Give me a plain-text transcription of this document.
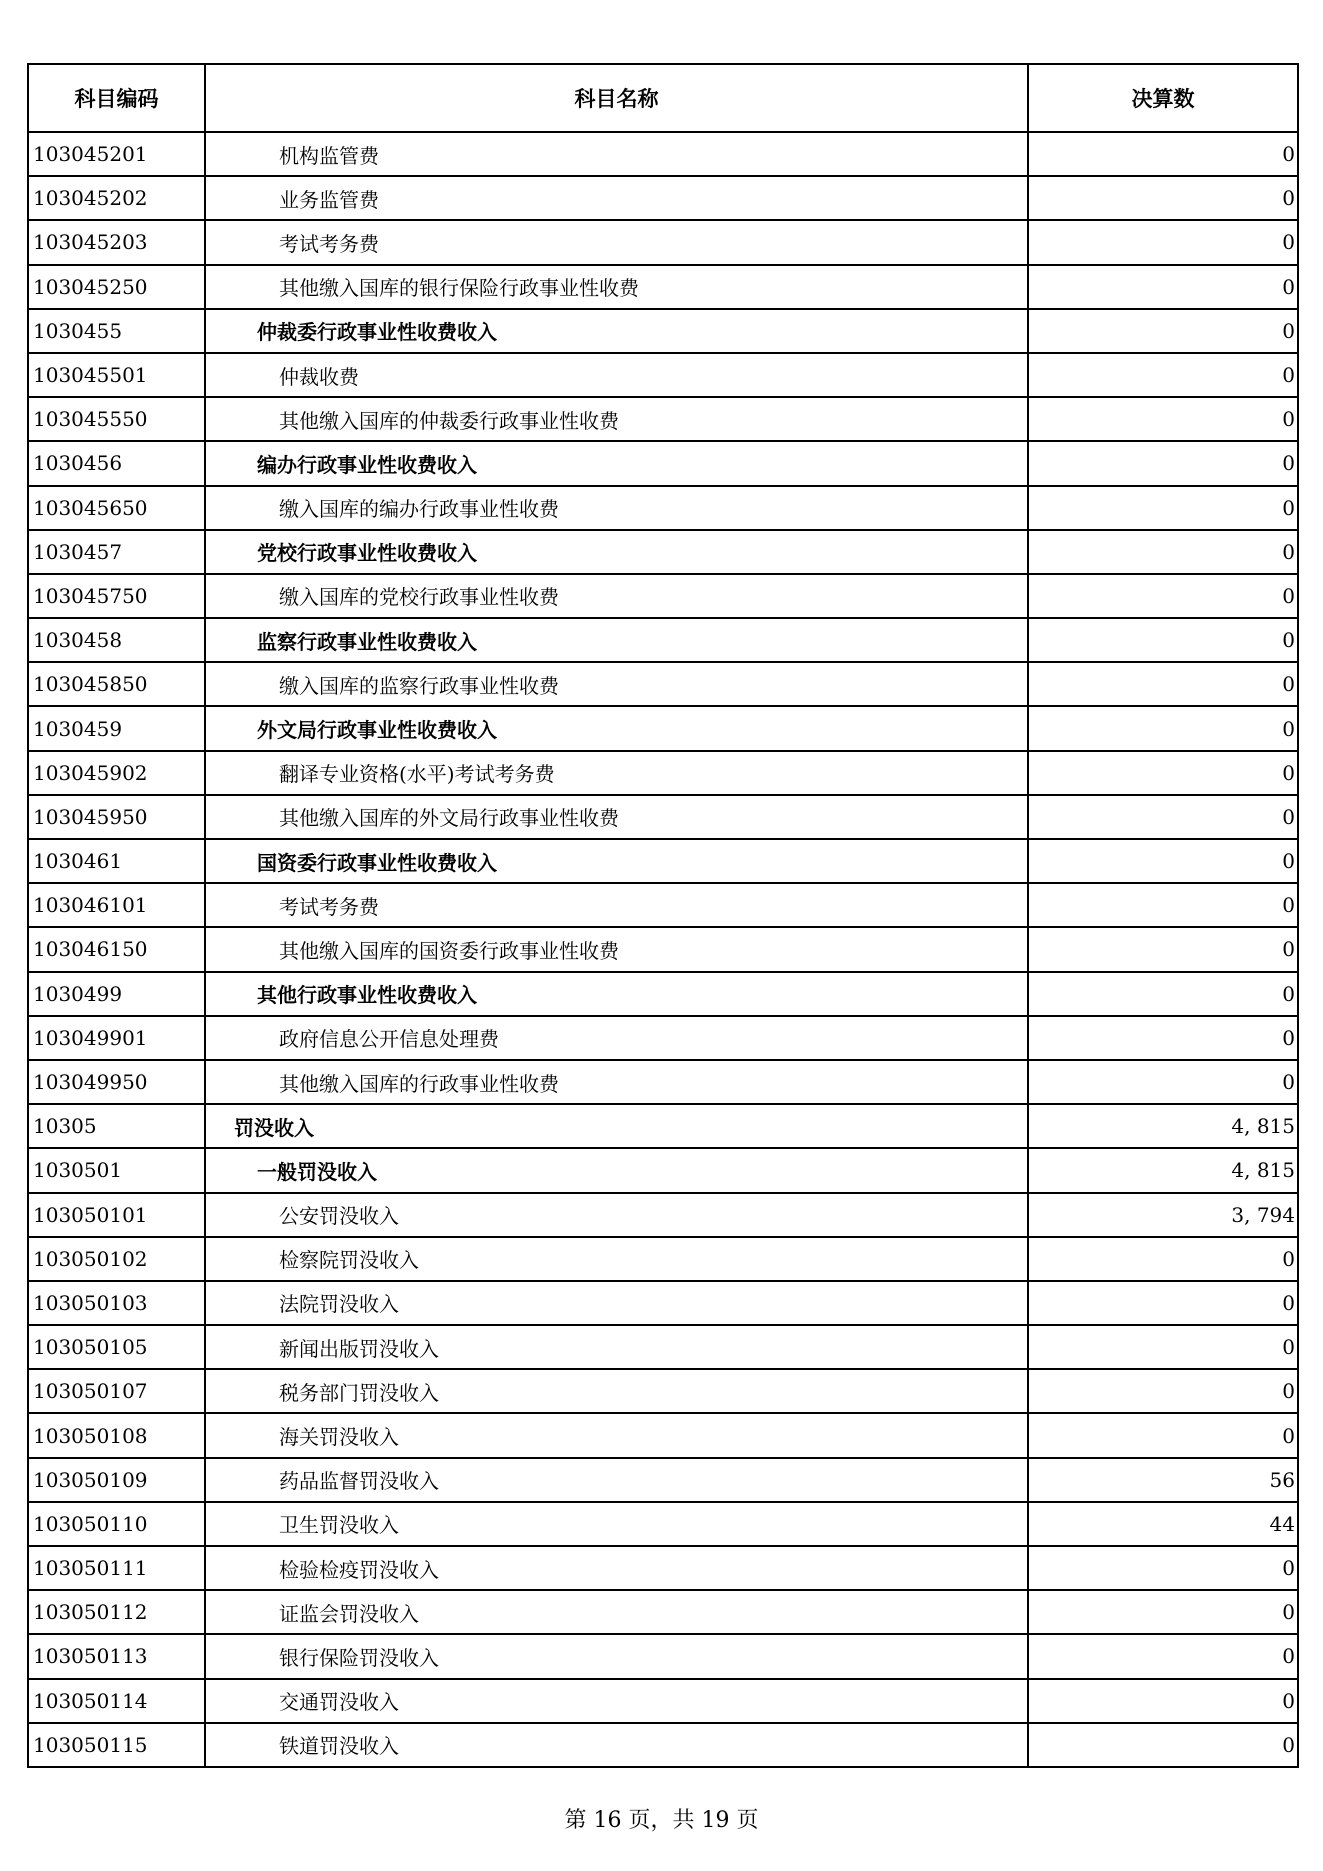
科目编码	科目名称	决算数
103045201	机构监管费	0
103045202	业务监管费	0
103045203	考试考务费	0
103045250	其他缴入国库的银行保险行政事业性收费	0
1030455	仲裁委行政事业性收费收入	0
103045501	仲裁收费	0
103045550	其他缴入国库的仲裁委行政事业性收费	0
1030456	编办行政事业性收费收入	0
103045650	缴入国库的编办行政事业性收费	0
1030457	党校行政事业性收费收入	0
103045750	缴入国库的党校行政事业性收费	0
1030458	监察行政事业性收费收入	0
103045850	缴入国库的监察行政事业性收费	0
1030459	外文局行政事业性收费收入	0
103045902	翻译专业资格(水平)考试考务费	0
103045950	其他缴入国库的外文局行政事业性收费	0
1030461	国资委行政事业性收费收入	0
103046101	考试考务费	0
103046150	其他缴入国库的国资委行政事业性收费	0
1030499	其他行政事业性收费收入	0
103049901	政府信息公开信息处理费	0
103049950	其他缴入国库的行政事业性收费	0
10305	罚没收入	4, 815
1030501	一般罚没收入	4, 815
103050101	公安罚没收入	3, 794
103050102	检察院罚没收入	0
103050103	法院罚没收入	0
103050105	新闻出版罚没收入	0
103050107	税务部门罚没收入	0
103050108	海关罚没收入	0
103050109	药品监督罚没收入	56
103050110	卫生罚没收入	44
103050111	检验检疫罚没收入	0
103050112	证监会罚没收入	0
103050113	银行保险罚没收入	0
103050114	交通罚没收入	0
103050115	铁道罚没收入	0
第 16 页，共 19 页
